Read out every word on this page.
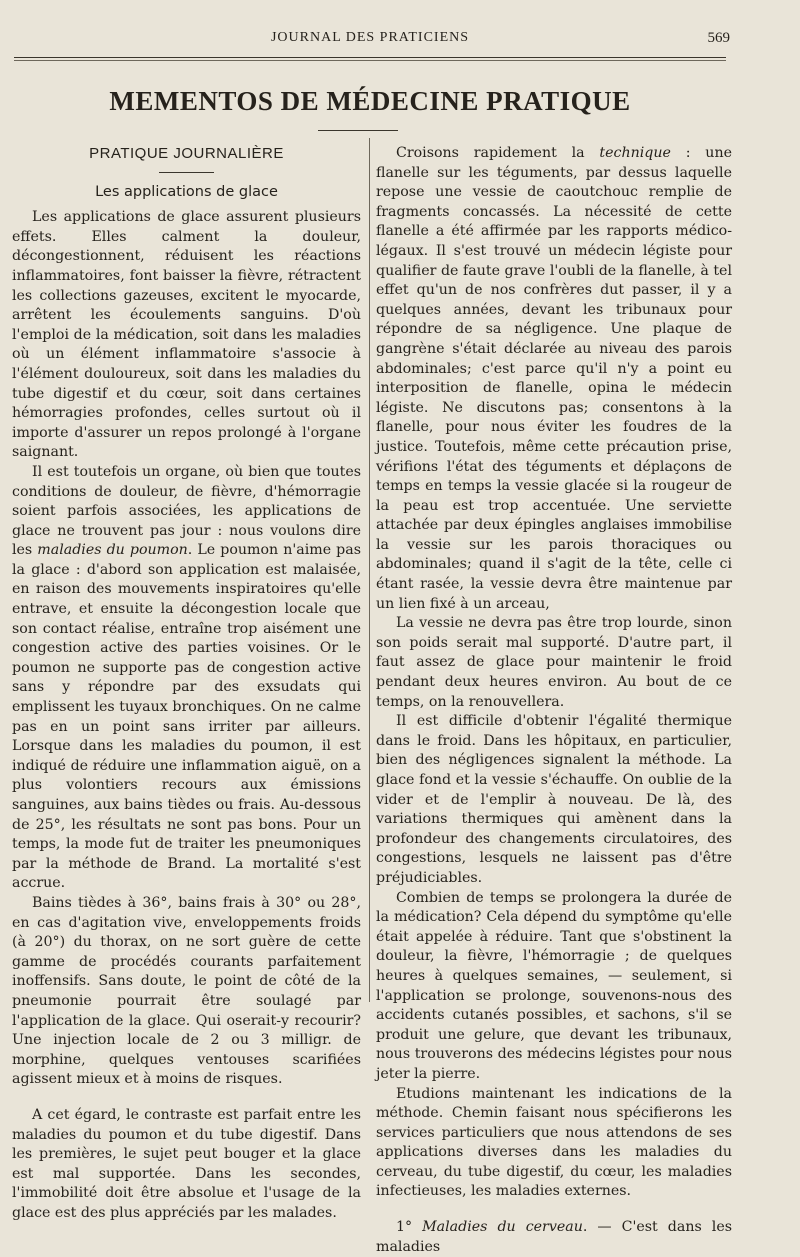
JOURNAL DES PRATICIENS	569
MEMENTOS DE MÉDECINE PRATIQUE
PRATIQUE JOURNALIÈRE
Les applications de glace

Les applications de glace assurent plusieurs effets. Elles calment la douleur, décongestionnent, réduisent les réactions inflammatoires, font baisser la fièvre, rétractent les collections gazeuses, excitent le myocarde, arrêtent les écoulements sanguins. D'où l'emploi de la médication, soit dans les maladies où un élément inflammatoire s'associe à l'élément douloureux, soit dans les maladies du tube digestif et du cœur, soit dans certaines hémorragies profondes, celles surtout où il importe d'assurer un repos prolongé à l'organe saignant.

Il est toutefois un organe, où bien que toutes conditions de douleur, de fièvre, d'hémorragie soient parfois associées, les applications de glace ne trouvent pas jour : nous voulons dire les maladies du poumon. Le poumon n'aime pas la glace : d'abord son application est malaisée, en raison des mouvements inspiratoires qu'elle entrave, et ensuite la décongestion locale que son contact réalise, entraîne trop aisément une congestion active des parties voisines. Or le poumon ne supporte pas de congestion active sans y répondre par des exsudats qui emplissent les tuyaux bronchiques. On ne calme pas en un point sans irriter par ailleurs. Lorsque dans les maladies du poumon, il est indiqué de réduire une inflammation aiguë, on a plus volontiers recours aux émissions sanguines, aux bains tièdes ou frais. Au-dessous de 25°, les résultats ne sont pas bons. Pour un temps, la mode fut de traiter les pneumoniques par la méthode de Brand. La mortalité s'est accrue.

Bains tièdes à 36°, bains frais à 30° ou 28°, en cas d'agitation vive, enveloppements froids (à 20°) du thorax, on ne sort guère de cette gamme de procédés courants parfaitement inoffensifs. Sans doute, le point de côté de la pneumonie pourrait être soulagé par l'application de la glace. Qui oserait-y recourir? Une injection locale de 2 ou 3 milligr. de morphine, quelques ventouses scarifiées agissent mieux et à moins de risques.

A cet égard, le contraste est parfait entre les maladies du poumon et du tube digestif. Dans les premières, le sujet peut bouger et la glace est mal supportée. Dans les secondes, l'immobilité doit être absolue et l'usage de la glace est des plus appréciés par les malades.

Croisons rapidement la technique : une flanelle sur les téguments, par dessus laquelle repose une vessie de caoutchouc remplie de fragments concassés. La nécessité de cette flanelle a été affirmée par les rapports médico-légaux. Il s'est trouvé un médecin légiste pour qualifier de faute grave l'oubli de la flanelle, à tel effet qu'un de nos confrères dut passer, il y a quelques années, devant les tribunaux pour répondre de sa négligence. Une plaque de gangrène s'était déclarée au niveau des parois abdominales; c'est parce qu'il n'y a point eu interposition de flanelle, opina le médecin légiste. Ne discutons pas; consentons à la flanelle, pour nous éviter les foudres de la justice. Toutefois, même cette précaution prise, vérifions l'état des téguments et déplaçons de temps en temps la vessie glacée si la rougeur de la peau est trop accentuée. Une serviette attachée par deux épingles anglaises immobilise la vessie sur les parois thoraciques ou abdominales; quand il s'agit de la tête, celle ci étant rasée, la vessie devra être maintenue par un lien fixé à un arceau,

La vessie ne devra pas être trop lourde, sinon son poids serait mal supporté. D'autre part, il faut assez de glace pour maintenir le froid pendant deux heures environ. Au bout de ce temps, on la renouvellera.

Il est difficile d'obtenir l'égalité thermique dans le froid. Dans les hôpitaux, en particulier, bien des négligences signalent la méthode. La glace fond et la vessie s'échauffe. On oublie de la vider et de l'emplir à nouveau. De là, des variations thermiques qui amènent dans la profondeur des changements circulatoires, des congestions, lesquels ne laissent pas d'être préjudiciables.

Combien de temps se prolongera la durée de la médication? Cela dépend du symptôme qu'elle était appelée à réduire. Tant que s'obstinent la douleur, la fièvre, l'hémorragie ; de quelques heures à quelques semaines, — seulement, si l'application se prolonge, souvenons-nous des accidents cutanés possibles, et sachons, s'il se produit une gelure, que devant les tribunaux, nous trouverons des médecins légistes pour nous jeter la pierre.

Etudions maintenant les indications de la méthode. Chemin faisant nous spécifierons les services particuliers que nous attendons de ses applications diverses dans les maladies du cerveau, du tube digestif, du cœur, les maladies infectieuses, les maladies externes.

1° Maladies du cerveau. — C'est dans les maladies
